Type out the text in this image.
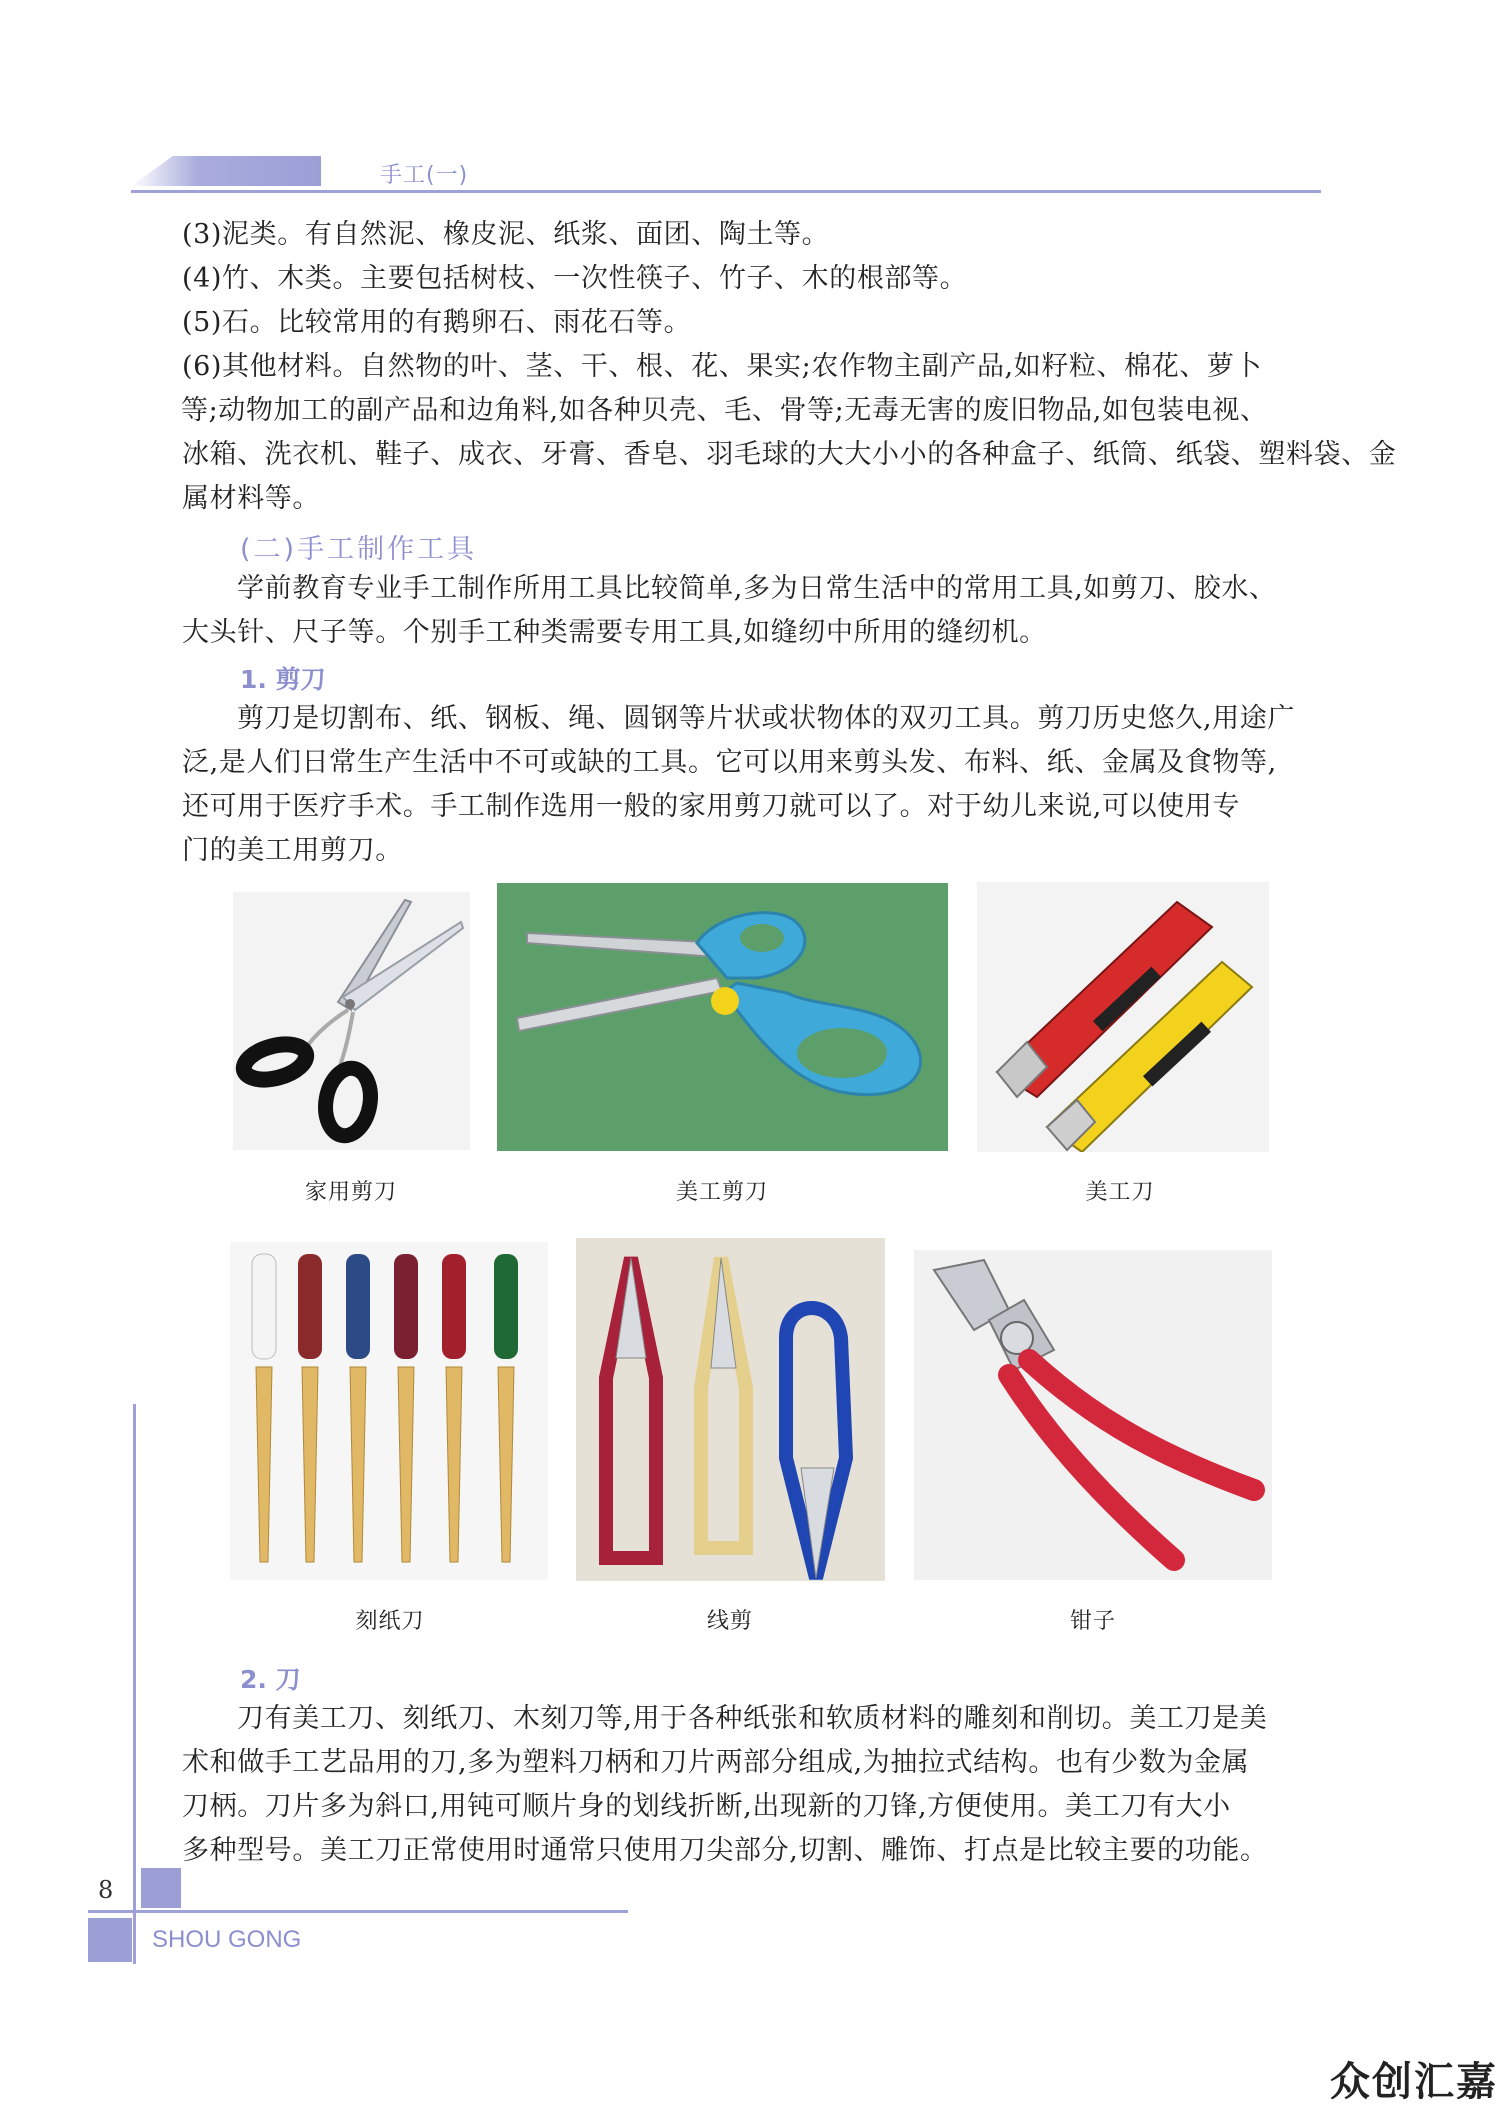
手工(一)
(3)泥类。有自然泥、橡皮泥、纸浆、面团、陶土等。
(4)竹、木类。主要包括树枝、一次性筷子、竹子、木的根部等。
(5)石。比较常用的有鹅卵石、雨花石等。
(6)其他材料。自然物的叶、茎、干、根、花、果实;农作物主副产品,如籽粒、棉花、萝卜
等;动物加工的副产品和边角料,如各种贝壳、毛、骨等;无毒无害的废旧物品,如包装电视、
冰箱、洗衣机、鞋子、成衣、牙膏、香皂、羽毛球的大大小小的各种盒子、纸筒、纸袋、塑料袋、金
属材料等。
(二)手工制作工具
学前教育专业手工制作所用工具比较简单,多为日常生活中的常用工具,如剪刀、胶水、
大头针、尺子等。个别手工种类需要专用工具,如缝纫中所用的缝纫机。
1. 剪刀
剪刀是切割布、纸、钢板、绳、圆钢等片状或状物体的双刃工具。剪刀历史悠久,用途广
泛,是人们日常生产生活中不可或缺的工具。它可以用来剪头发、布料、纸、金属及食物等,
还可用于医疗手术。手工制作选用一般的家用剪刀就可以了。对于幼儿来说,可以使用专
门的美工用剪刀。
家用剪刀	美工剪刀	美工刀
刻纸刀	线剪	钳子
2. 刀
刀有美工刀、刻纸刀、木刻刀等,用于各种纸张和软质材料的雕刻和削切。美工刀是美
术和做手工艺品用的刀,多为塑料刀柄和刀片两部分组成,为抽拉式结构。也有少数为金属
刀柄。刀片多为斜口,用钝可顺片身的划线折断,出现新的刀锋,方便使用。美工刀有大小
多种型号。美工刀正常使用时通常只使用刀尖部分,切割、雕饰、打点是比较主要的功能。
8
SHOU GONG
众创汇嘉
